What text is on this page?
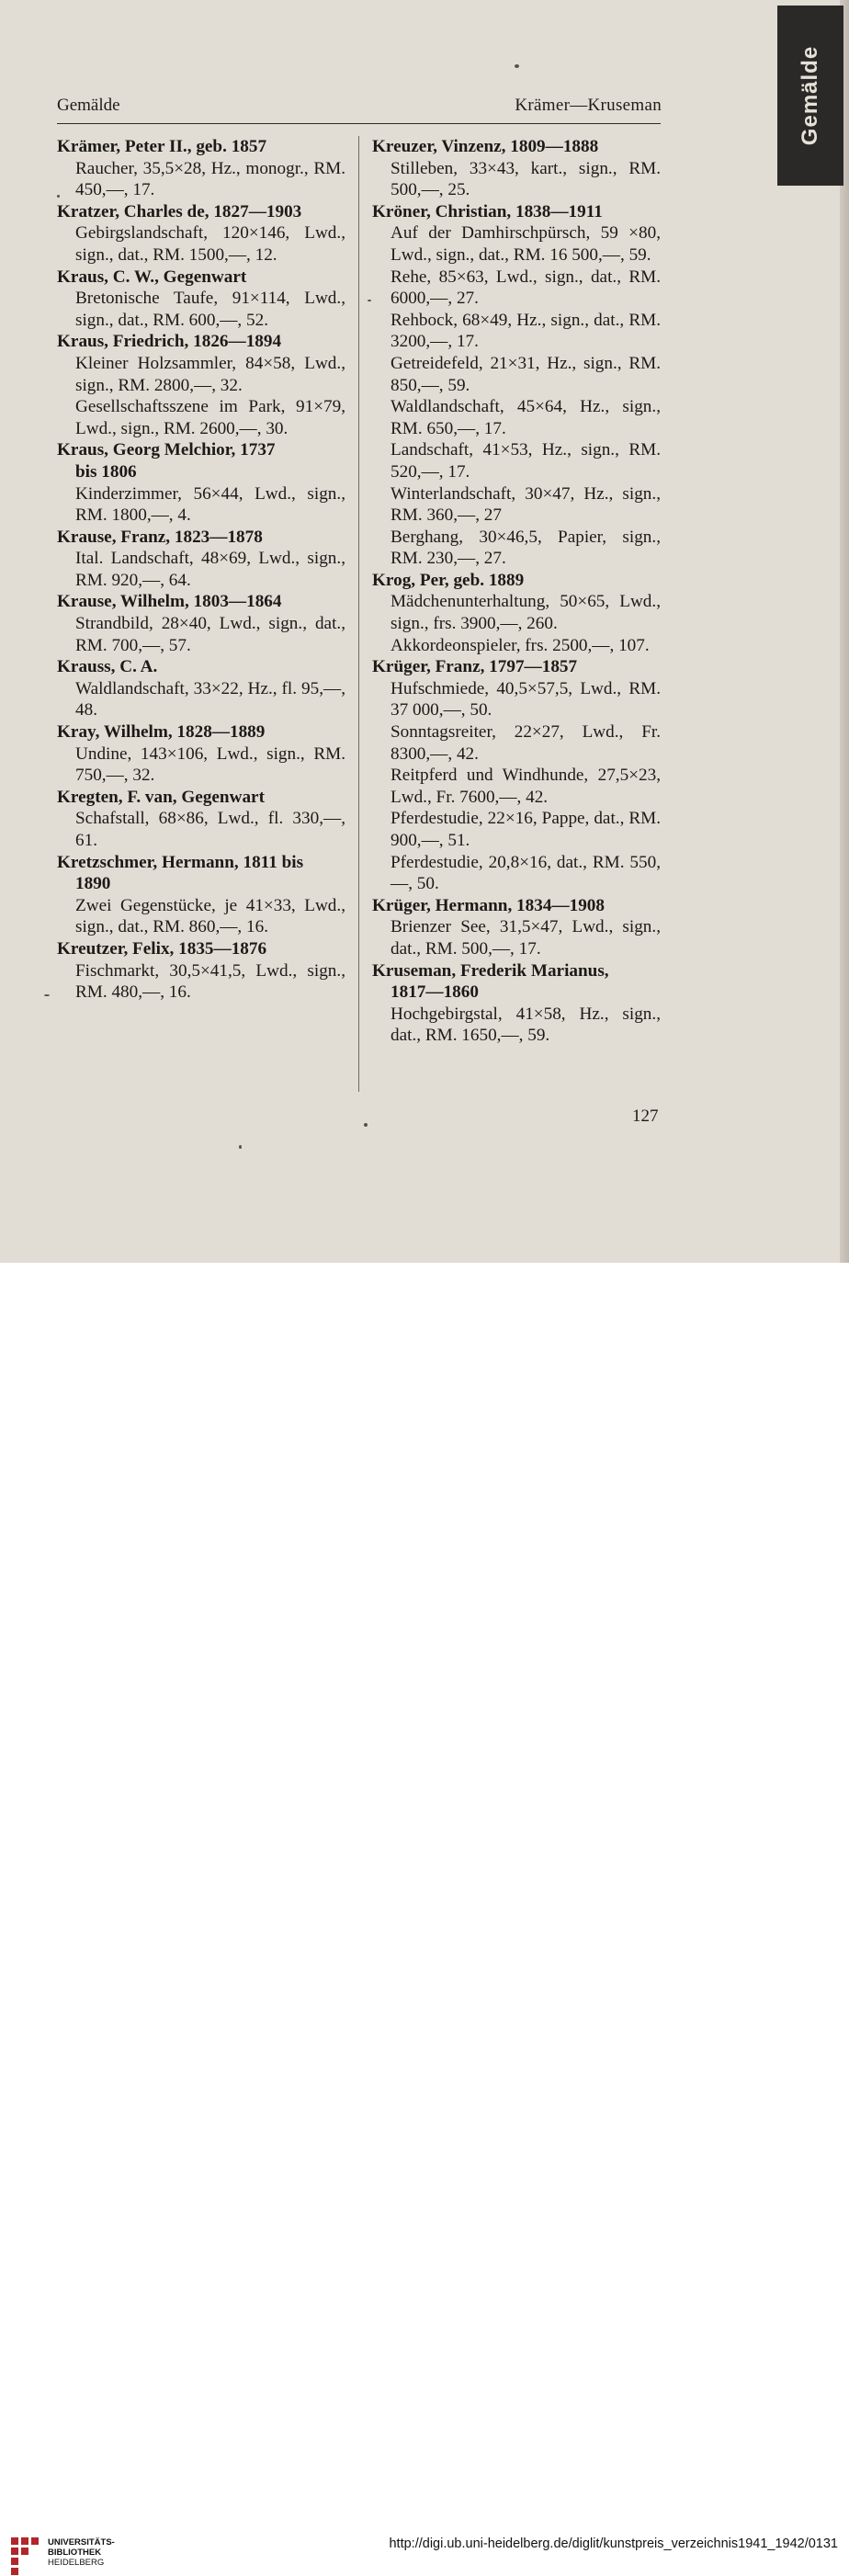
Gemälde
Gemälde	Krämer—Kruseman
Krämer, Peter II., geb. 1857
Raucher, 35,5×28, Hz., monogr., RM. 450,—, 17.
Kratzer, Charles de, 1827—1903
Gebirgslandschaft, 120×146, Lwd., sign., dat., RM. 1500,—, 12.
Kraus, C. W., Gegenwart
Bretonische Taufe, 91×114, Lwd., sign., dat., RM. 600,—, 52.
Kraus, Friedrich, 1826—1894
Kleiner Holzsammler, 84×58, Lwd., sign., RM. 2800,—, 32.
Gesellschaftsszene im Park, 91×79, Lwd., sign., RM. 2600,—, 30.
Kraus, Georg Melchior, 1737
bis 1806
Kinderzimmer, 56×44, Lwd., sign., RM. 1800,—, 4.
Krause, Franz, 1823—1878
Ital. Landschaft, 48×69, Lwd., sign., RM. 920,—, 64.
Krause, Wilhelm, 1803—1864
Strandbild, 28×40, Lwd., sign., dat., RM. 700,—, 57.
Krauss, C. A.
Waldlandschaft, 33×22, Hz., fl. 95,—, 48.
Kray, Wilhelm, 1828—1889
Undine, 143×106, Lwd., sign., RM. 750,—, 32.
Kregten, F. van, Gegenwart
Schafstall, 68×86, Lwd., fl. 330,—, 61.
Kretzschmer, Hermann, 1811 bis
1890
Zwei Gegenstücke, je 41×33, Lwd., sign., dat., RM. 860,—, 16.
Kreutzer, Felix, 1835—1876
Fischmarkt, 30,5×41,5, Lwd., sign., RM. 480,—, 16.
Kreuzer, Vinzenz, 1809—1888
Stilleben, 33×43, kart., sign., RM. 500,—, 25.
Kröner, Christian, 1838—1911
Auf der Damhirschpürsch, 59 ×80, Lwd., sign., dat., RM. 16 500,—, 59.
Rehe, 85×63, Lwd., sign., dat., RM. 6000,—, 27.
Rehbock, 68×49, Hz., sign., dat., RM. 3200,—, 17.
Getreidefeld, 21×31, Hz., sign., RM. 850,—, 59.
Waldlandschaft, 45×64, Hz., sign., RM. 650,—, 17.
Landschaft, 41×53, Hz., sign., RM. 520,—, 17.
Winterlandschaft, 30×47, Hz., sign., RM. 360,—, 27
Berghang, 30×46,5, Papier, sign., RM. 230,—, 27.
Krog, Per, geb. 1889
Mädchenunterhaltung, 50×65, Lwd., sign., frs. 3900,—, 260.
Akkordeonspieler, frs. 2500,—, 107.
Krüger, Franz, 1797—1857
Hufschmiede, 40,5×57,5, Lwd., RM. 37 000,—, 50.
Sonntagsreiter, 22×27, Lwd., Fr. 8300,—, 42.
Reitpferd und Windhunde, 27,5×23, Lwd., Fr. 7600,—, 42.
Pferdestudie, 22×16, Pappe, dat., RM. 900,—, 51.
Pferdestudie, 20,8×16, dat., RM. 550,—, 50.
Krüger, Hermann, 1834—1908
Brienzer See, 31,5×47, Lwd., sign., dat., RM. 500,—, 17.
Kruseman, Frederik Marianus,
1817—1860
Hochgebirgstal, 41×58, Hz., sign., dat., RM. 1650,—, 59.
127
UNIVERSITÄTS-
BIBLIOTHEK
HEIDELBERG
http://digi.ub.uni-heidelberg.de/diglit/kunstpreis_verzeichnis1941_1942/0131
